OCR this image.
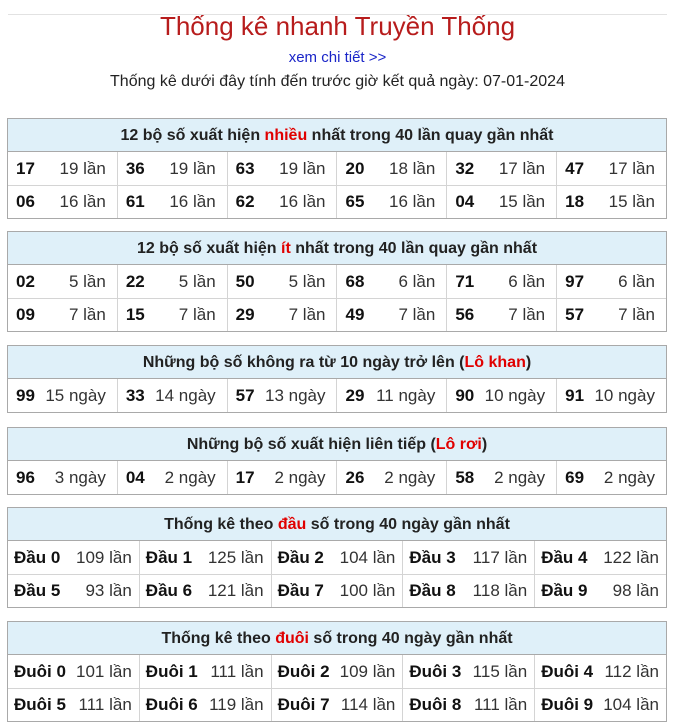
Thống kê nhanh Truyền Thống
xem chi tiết >>
Thống kê dưới đây tính đến trước giờ kết quả ngày: 07-01-2024
12 bộ số xuất hiện nhiều nhất trong 40 lần quay gần nhất
17 19 lần 36 19 lần 63 19 lần 20 18 lần 32 17 lần 47 17 lần
06 16 lần 61 16 lần 62 16 lần 65 16 lần 04 15 lần 18 15 lần
12 bộ số xuất hiện ít nhất trong 40 lần quay gần nhất
02 5 lần 22 5 lần 50 5 lần 68 6 lần 71 6 lần 97 6 lần
09 7 lần 15 7 lần 29 7 lần 49 7 lần 56 7 lần 57 7 lần
Những bộ số không ra từ 10 ngày trở lên (Lô khan)
99 15 ngày 33 14 ngày 57 13 ngày 29 11 ngày 90 10 ngày 91 10 ngày
Những bộ số xuất hiện liên tiếp (Lô rơi)
96 3 ngày 04 2 ngày 17 2 ngày 26 2 ngày 58 2 ngày 69 2 ngày
Thống kê theo đầu số trong 40 ngày gần nhất
Đầu 0 109 lần Đầu 1 125 lần Đầu 2 104 lần Đầu 3 117 lần Đầu 4 122 lần
Đầu 5 93 lần Đầu 6 121 lần Đầu 7 100 lần Đầu 8 118 lần Đầu 9 98 lần
Thống kê theo đuôi số trong 40 ngày gần nhất
Đuôi 0 101 lần Đuôi 1 111 lần Đuôi 2 109 lần Đuôi 3 115 lần Đuôi 4 112 lần
Đuôi 5 111 lần Đuôi 6 119 lần Đuôi 7 114 lần Đuôi 8 111 lần Đuôi 9 104 lần
